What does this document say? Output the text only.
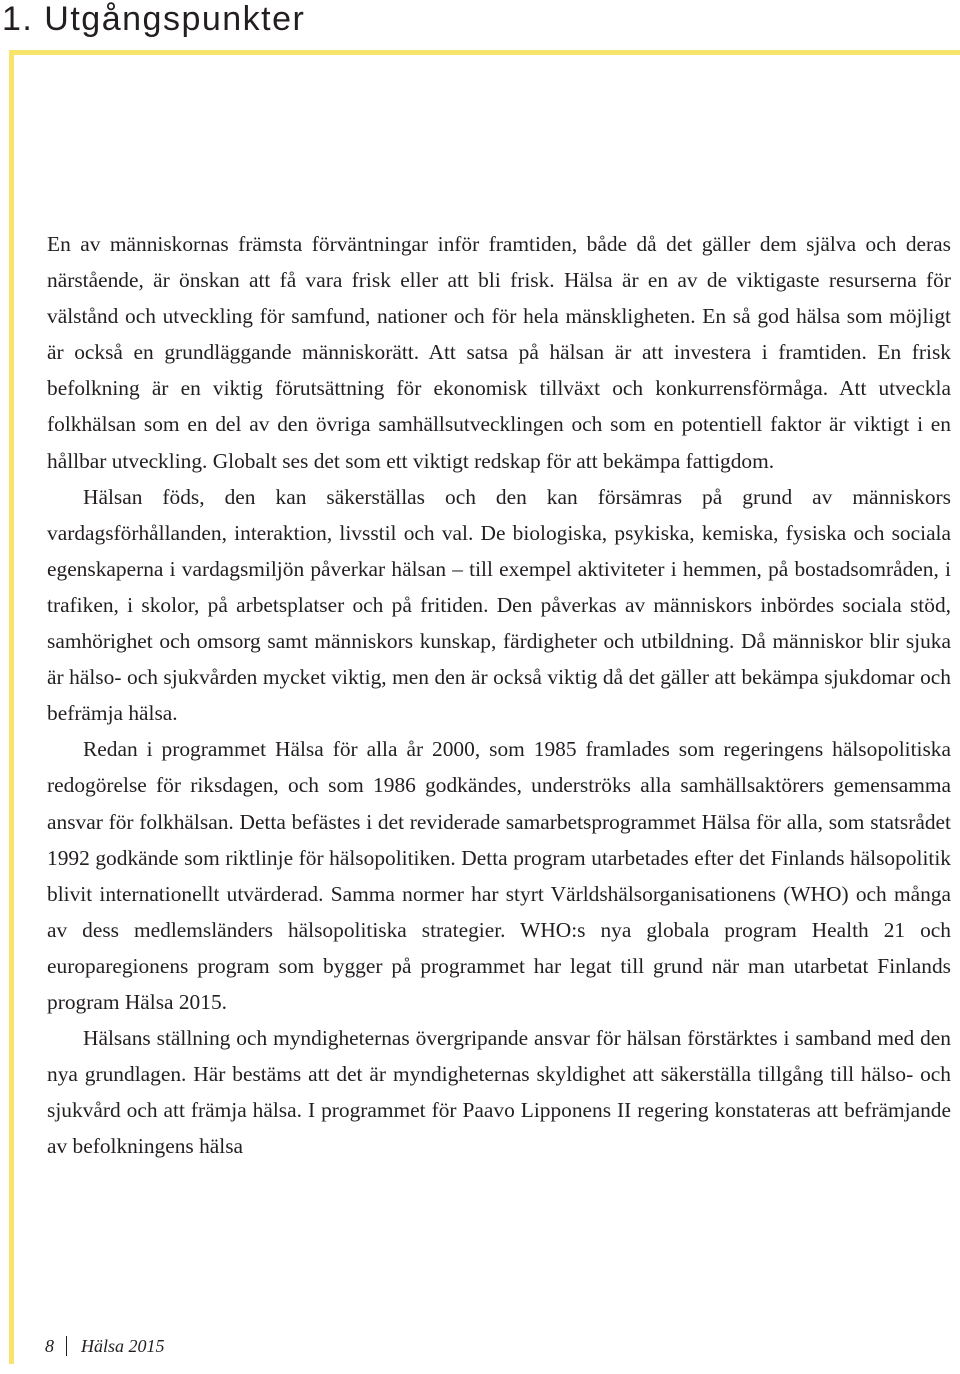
1. Utgångspunkter

En av människornas främsta förväntningar inför framtiden, både då det gäller dem själva och deras närstående, är önskan att få vara frisk eller att bli frisk. Hälsa är en av de viktigaste resurserna för välstånd och utveckling för samfund, nationer och för hela mänskligheten. En så god hälsa som möjligt är också en grundläggande människorätt. Att satsa på hälsan är att investera i framtiden. En frisk befolkning är en viktig förutsättning för ekonomisk tillväxt och konkurrensförmåga. Att utveckla folkhälsan som en del av den övriga samhällsutvecklingen och som en potentiell faktor är viktigt i en hållbar utveckling. Globalt ses det som ett viktigt redskap för att bekämpa fattigdom.

Hälsan föds, den kan säkerställas och den kan försämras på grund av människors vardagsförhållanden, interaktion, livsstil och val. De biologiska, psykiska, kemiska, fysiska och sociala egenskaperna i vardagsmiljön påverkar hälsan – till exempel aktiviteter i hemmen, på bostadsområden, i trafiken, i skolor, på arbetsplatser och på fritiden. Den påverkas av människors inbördes sociala stöd, samhörighet och omsorg samt människors kunskap, färdigheter och utbildning. Då människor blir sjuka är hälso- och sjukvården mycket viktig, men den är också viktig då det gäller att bekämpa sjukdomar och befrämja hälsa.

Redan i programmet Hälsa för alla år 2000, som 1985 framlades som regeringens hälsopolitiska redogörelse för riksdagen, och som 1986 godkändes, underströks alla samhällsaktörers gemensamma ansvar för folkhälsan. Detta befästes i det reviderade samarbetsprogrammet Hälsa för alla, som statsrådet 1992 godkände som riktlinje för hälsopolitiken. Detta program utarbetades efter det Finlands hälsopolitik blivit internationellt utvärderad. Samma normer har styrt Världshälsorganisationens (WHO) och många av dess medlemsländers hälsopolitiska strategier. WHO:s nya globala program Health 21 och europaregionens program som bygger på programmet har legat till grund när man utarbetat Finlands program Hälsa 2015.

Hälsans ställning och myndigheternas övergripande ansvar för hälsan förstärktes i samband med den nya grundlagen. Här bestäms att det är myndigheternas skyldighet att säkerställa tillgång till hälso- och sjukvård och att främja hälsa. I programmet för Paavo Lipponens II regering konstateras att befrämjande av befolkningens hälsa

8 Hälsa 2015
